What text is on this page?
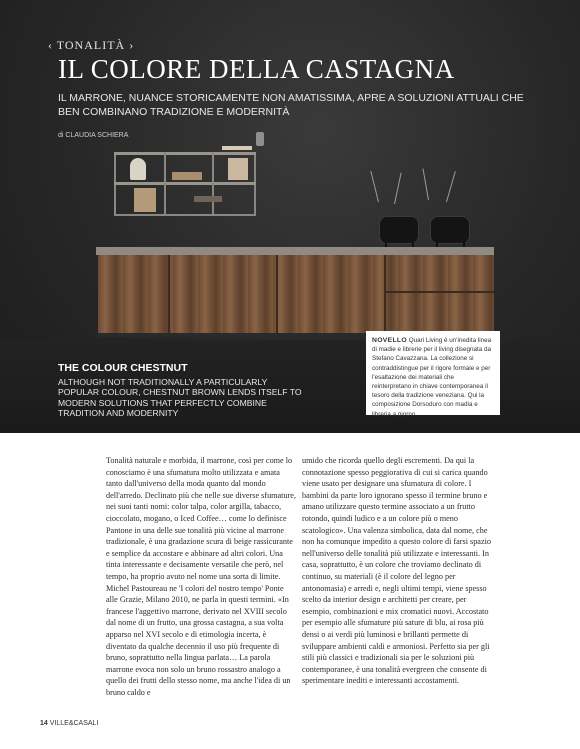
‹ TONALITÀ ›
IL COLORE DELLA CASTAGNA
IL MARRONE, NUANCE STORICAMENTE NON AMATISSIMA, APRE A SOLUZIONI ATTUALI CHE BEN COMBINANO TRADIZIONE E MODERNITÀ
di CLAUDIA SCHIERA
THE COLOUR CHESTNUT
ALTHOUGH NOT TRADITIONALLY A PARTICULARLY POPULAR COLOUR, CHESTNUT BROWN LENDS ITSELF TO MODERN SOLUTIONS THAT PERFECTLY COMBINE TRADITION AND MODERNITY
NOVELLO Quari Living è un'inedita linea di madie e librerie per il living disegnata da Stefano Cavazzana. La collezione si contraddistingue per il rigore formale e per l'esaltazione dei materiali che reinterpretano in chiave contemporanea il tesoro della tradizione veneziana. Qui la composizione Dorsoduro con madia e libreria a giorno.
Tonalità naturale e morbida, il marrone, così per come lo conosciamo è una sfumatura molto utilizzata e amata tanto dall'universo della moda quanto dal mondo dell'arredo. Declinato più che nelle sue diverse sfumature, nei suoi tanti nomi: color talpa, color argilla, tabacco, cioccolato, mogano, o Iced Coffee… come lo definisce Pantone in una delle sue tonalità più vicine al marrone tradizionale, è una gradazione scura di beige rassicurante e semplice da accostare e abbinare ad altri colori. Una tinta interessante e decisamente versatile che però, nel tempo, ha proprio avuto nel nome una sorta di limite. Michel Pastoureau ne 'I colori del nostro tempo' Ponte alle Grazie, Milano 2010, ne parla in questi termini. «In francese l'aggettivo marrone, derivato nel XVIII secolo dal nome di un frutto, una grossa castagna, a sua volta apparso nel XVI secolo e di etimologia incerta, è diventato da qualche decennio il uso più frequente di bruno, soprattutto nella lingua parlata… La parola marrone evoca non solo un bruno rossastro analogo a quello dei frutti dello stesso nome, ma anche l'idea di un bruno caldo e
umido che ricorda quello degli escrementi. Da qui la connotazione spesso peggiorativa di cui si carica quando viene usato per designare una sfumatura di colore. I bambini da parte loro ignorano spesso il termine bruno e amano utilizzare questo termine associato a un frutto rotondo, quindi ludico e a un colore più o meno scatologico». Una valenza simbolica, data dal nome, che non ha comunque impedito a questo colore di farsi spazio nell'universo delle tonalità più utilizzate e interessanti. In casa, soprattutto, è un colore che troviamo declinato di continuo, su materiali (è il colore del legno per antonomasia) e arredi e, negli ultimi tempi, viene spesso scelto da interior design e architetti per creare, per esempio, combinazioni e mix cromatici nuovi. Accostato per esempio alle sfumature più sature di blu, ai rosa più densi o ai verdi più luminosi e brillanti permette di sviluppare ambienti caldi e armoniosi. Perfetto sia per gli stili più classici e tradizionali sia per le soluzioni più contemporanee, è una tonalità evergreen che consente di sperimentare inediti e interessanti accostamenti.
14 VILLE&CASALI
